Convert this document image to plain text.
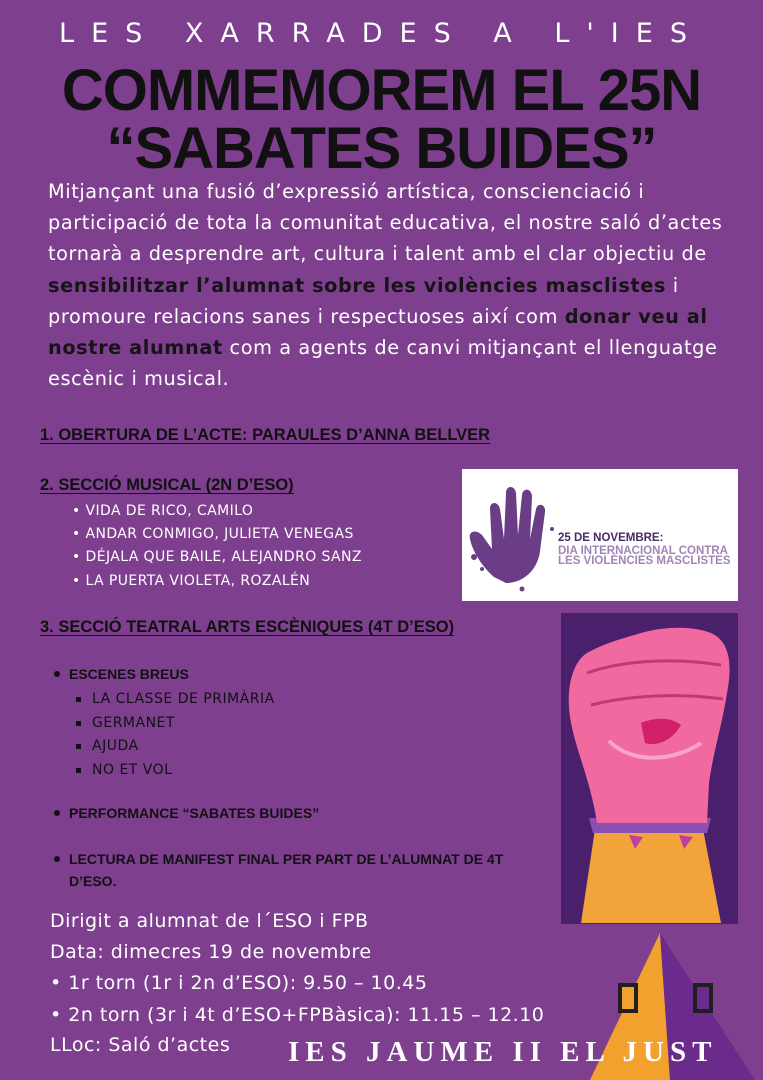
LES XARRADES A L'IES
COMMEMOREM EL 25N
“SABATES BUIDES”
Mitjançant una fusió d’expressió artística, conscienciació i participació de tota la comunitat educativa, el nostre saló d’actes tornarà a desprendre art, cultura i talent amb el clar objectiu de sensibilitzar l’alumnat sobre les violències masclistes i promoure relacions sanes i respectuoses així com donar veu al nostre alumnat com a agents de canvi mitjançant el llenguatge escènic i musical.
1. OBERTURA DE L’ACTE: PARAULES D’ANNA BELLVER
2. SECCIÓ MUSICAL (2N D’ESO)
• VIDA DE RICO, CAMILO
• ANDAR CONMIGO, JULIETA VENEGAS
• DÉJALA QUE BAILE, ALEJANDRO SANZ
• LA PUERTA VIOLETA, ROZALÉN
3. SECCIÓ TEATRAL ARTS ESCÈNIQUES (4T D’ESO)
ESCENES BREUS
LA CLASSE DE PRIMÀRIA
GERMANET
AJUDA
NO ET VOL
PERFORMANCE “SABATES BUIDES”
LECTURA DE MANIFEST FINAL PER PART DE L’ALUMNAT DE 4T D’ESO.
Dirigit a alumnat de l´ESO i FPB
Data: dimecres 19 de novembre
• 1r torn (1r i 2n d’ESO): 9.50 – 10.45
• 2n torn (3r i 4t d’ESO+FPBàsica): 11.15 – 12.10
LLoc: Saló d’actes
25 DE NOVEMBRE:
DIA INTERNACIONAL CONTRA LES VIOLÈNCIES MASCLISTES
IES JAUME II EL JUST
